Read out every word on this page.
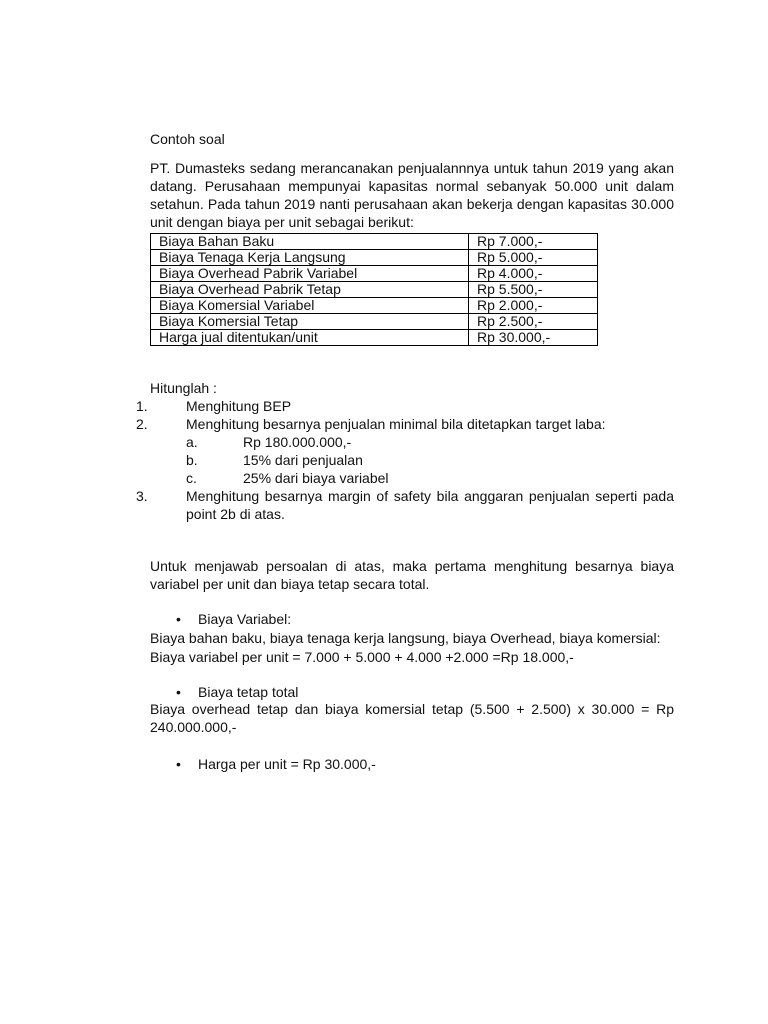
Contoh soal
PT. Dumasteks sedang merancanakan penjualannnya untuk tahun 2019 yang akan datang. Perusahaan mempunyai kapasitas normal sebanyak 50.000 unit dalam setahun. Pada tahun 2019 nanti perusahaan akan bekerja dengan kapasitas 30.000 unit dengan biaya per unit sebagai berikut:
Biaya Bahan Baku	Rp 7.000,-
Biaya Tenaga Kerja Langsung	Rp 5.000,-
Biaya Overhead Pabrik Variabel	Rp 4.000,-
Biaya Overhead Pabrik Tetap	Rp 5.500,-
Biaya Komersial Variabel	Rp 2.000,-
Biaya Komersial Tetap	Rp 2.500,-
Harga jual ditentukan/unit	Rp 30.000,-
Hitunglah :
1.	Menghitung BEP
2.	Menghitung besarnya penjualan minimal bila ditetapkan target laba:
a.	Rp 180.000.000,-
b.	15% dari penjualan
c.	25% dari biaya variabel
3.	Menghitung besarnya margin of safety bila anggaran penjualan seperti pada point 2b di atas.
Untuk menjawab persoalan di atas, maka pertama menghitung besarnya biaya variabel per unit dan biaya tetap secara total.
• Biaya Variabel:
Biaya bahan baku, biaya tenaga kerja langsung, biaya Overhead, biaya komersial:
Biaya variabel per unit = 7.000 + 5.000 + 4.000 +2.000 =Rp 18.000,-
• Biaya tetap total
Biaya overhead tetap dan biaya komersial tetap (5.500 + 2.500) x 30.000 = Rp 240.000.000,-
• Harga per unit = Rp 30.000,-
